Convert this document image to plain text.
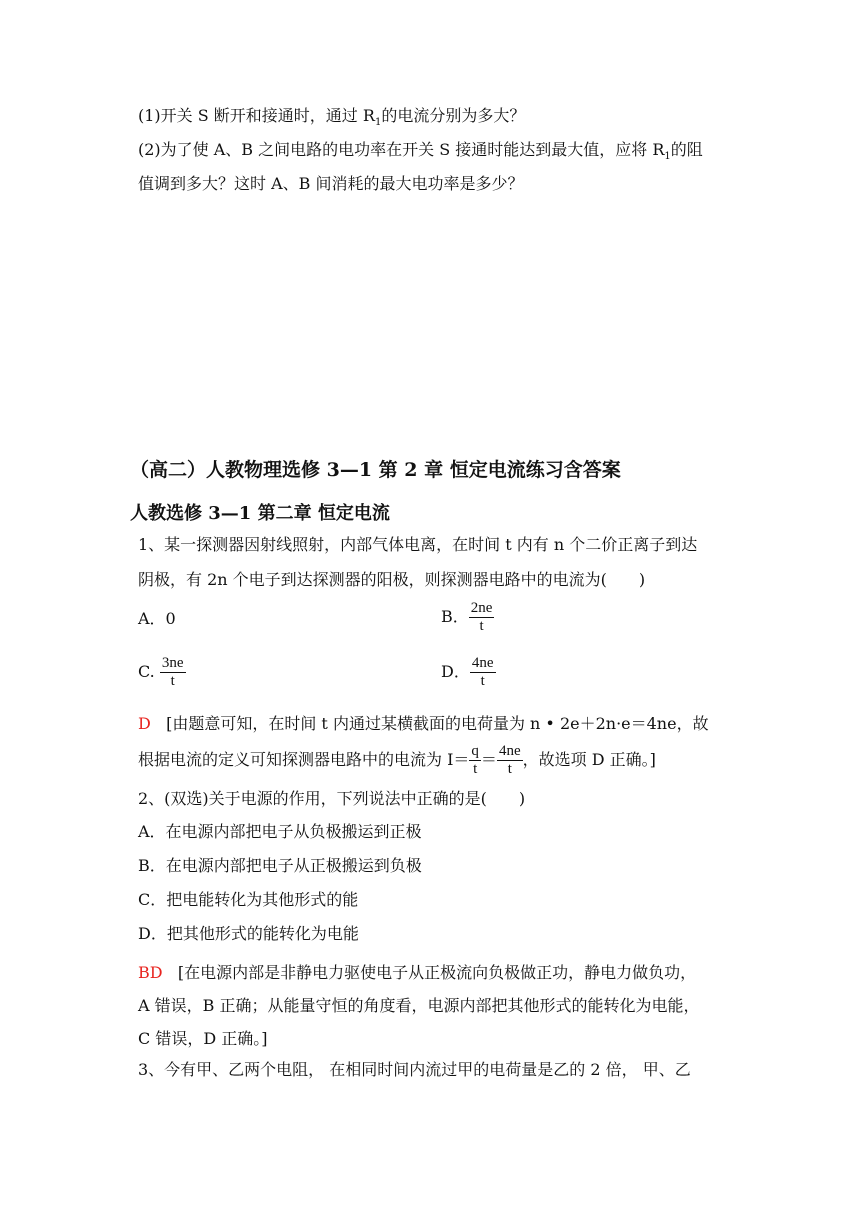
(1)开关 S 断开和接通时，通过 $R_1$的电流分别为多大？
(2)为了使 A、B 之间电路的电功率在开关 S 接通时能达到最大值，应将 $R_1$的阻
值调到多大？这时 A、B 间消耗的最大电功率是多少？
（高二）人教物理选修 3—1 第 2 章 恒定电流练习含答案
人教选修 3—1 第二章 恒定电流
1、某一探测器因射线照射，内部气体电离，在时间 t 内有 n 个二价正离子到达
阴极，有 2n 个电子到达探测器的阳极，则探测器电路中的电流为(　　)
A．0	B． $\frac{2ne}{t}$
C. $\frac{3ne}{t}$	D． $\frac{4ne}{t}$
D [由题意可知，在时间 t 内通过某横截面的电荷量为 n • 2e＋2n·e＝4ne，故
根据电流的定义可知探测器电路中的电流为 $I= \frac{q}{t} = \frac{4ne}{t}$ ，故选项 D 正确。]
2、(双选)关于电源的作用，下列说法中正确的是(　　)
A．在电源内部把电子从负极搬运到正极
B．在电源内部把电子从正极搬运到负极
C．把电能转化为其他形式的能
D．把其他形式的能转化为电能
BD [在电源内部是非静电力驱使电子从正极流向负极做正功，静电力做负功，
A 错误，B 正确；从能量守恒的角度看，电源内部把其他形式的能转化为电能，
C 错误，D 正确。]
3、今有甲、乙两个电阻， 在相同时间内流过甲的电荷量是乙的 2 倍， 甲、乙
